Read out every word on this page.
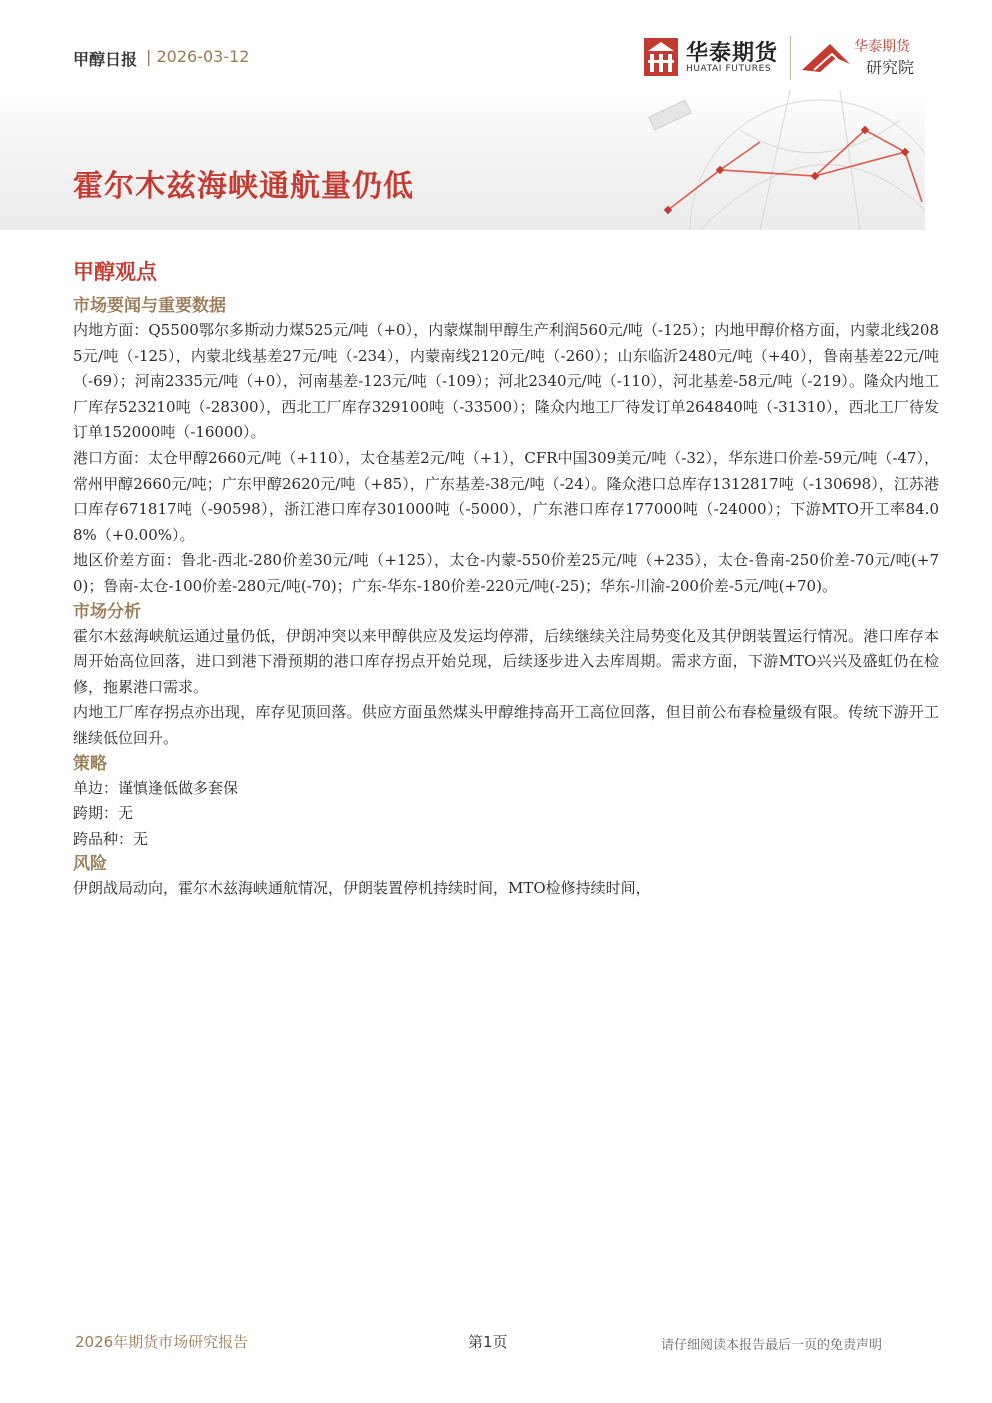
甲醇日报 | 2026-03-12	华泰期货
HUATAI FUTURES
华泰期货
研究院
霍尔木兹海峡通航量仍低
甲醇观点
市场要闻与重要数据

内地方面：Q5500鄂尔多斯动力煤525元/吨（+0），内蒙煤制甲醇生产利润560元/吨（-125）；内地甲醇价格方面，内蒙北线2085元/吨（-125），内蒙北线基差27元/吨（-234），内蒙南线2120元/吨（-260）；山东临沂2480元/吨（+40），鲁南基差22元/吨（-69）；河南2335元/吨（+0），河南基差-123元/吨（-109）；河北2340元/吨（-110），河北基差-58元/吨（-219）。隆众内地工厂库存523210吨（-28300），西北工厂库存329100吨（-33500）；隆众内地工厂待发订单264840吨（-31310），西北工厂待发订单152000吨（-16000）。

港口方面：太仓甲醇2660元/吨（+110），太仓基差2元/吨（+1），CFR中国309美元/吨（-32），华东进口价差-59元/吨（-47），常州甲醇2660元/吨；广东甲醇2620元/吨（+85），广东基差-38元/吨（-24）。隆众港口总库存1312817吨（-130698），江苏港口库存671817吨（-90598），浙江港口库存301000吨（-5000），广东港口库存177000吨（-24000）；下游MTO开工率84.08%（+0.00%）。

地区价差方面：鲁北-西北-280价差30元/吨（+125），太仓-内蒙-550价差25元/吨（+235），太仓-鲁南-250价差-70元/吨(+70)；鲁南-太仓-100价差-280元/吨(-70)；广东-华东-180价差-220元/吨(-25)；华东-川渝-200价差-5元/吨(+70)。

市场分析

霍尔木兹海峡航运通过量仍低，伊朗冲突以来甲醇供应及发运均停滞，后续继续关注局势变化及其伊朗装置运行情况。港口库存本周开始高位回落，进口到港下滑预期的港口库存拐点开始兑现，后续逐步进入去库周期。需求方面，下游MTO兴兴及盛虹仍在检修，拖累港口需求。

内地工厂库存拐点亦出现，库存见顶回落。供应方面虽然煤头甲醇维持高开工高位回落，但目前公布春检量级有限。传统下游开工继续低位回升。

策略

单边：谨慎逢低做多套保

跨期：无

跨品种：无

风险

伊朗战局动向，霍尔木兹海峡通航情况，伊朗装置停机持续时间，MTO检修持续时间，

2026年期货市场研究报告	第1页	请仔细阅读本报告最后一页的免责声明
